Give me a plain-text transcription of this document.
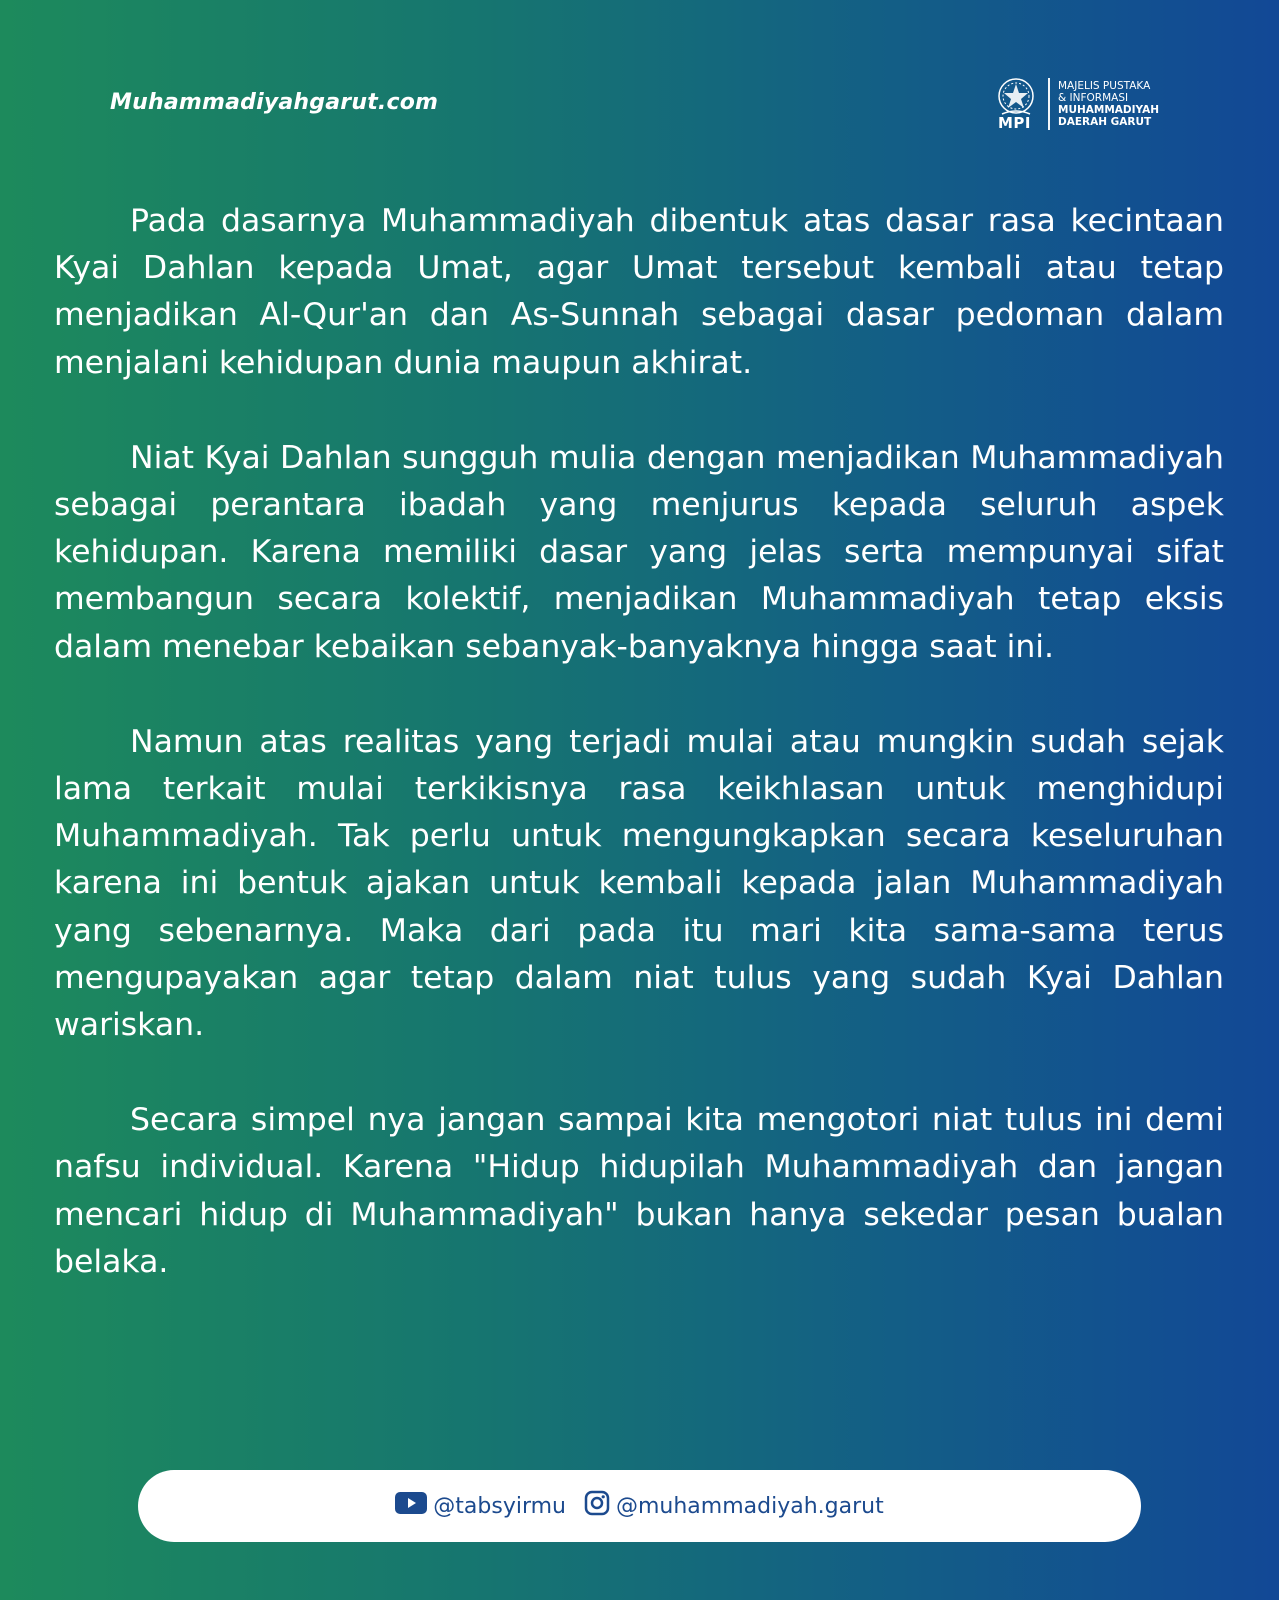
Muhammadiyahgarut.com
MPI
MAJELIS PUSTAKA
& INFORMASI
MUHAMMADIYAH
DAERAH GARUT

Pada dasarnya Muhammadiyah dibentuk atas dasar rasa kecintaan Kyai Dahlan kepada Umat, agar Umat tersebut kembali atau tetap menjadikan Al-Qur'an dan As-Sunnah sebagai dasar pedoman dalam menjalani kehidupan dunia maupun akhirat.

Niat Kyai Dahlan sungguh mulia dengan menjadikan Muhammadiyah sebagai perantara ibadah yang menjurus kepada seluruh aspek kehidupan. Karena memiliki dasar yang jelas serta mempunyai sifat membangun secara kolektif, menjadikan Muhammadiyah tetap eksis dalam menebar kebaikan sebanyak-banyaknya hingga saat ini.

Namun atas realitas yang terjadi mulai atau mungkin sudah sejak lama terkait mulai terkikisnya rasa keikhlasan untuk menghidupi Muhammadiyah. Tak perlu untuk mengungkapkan secara keseluruhan karena ini bentuk ajakan untuk kembali kepada jalan Muhammadiyah yang sebenarnya. Maka dari pada itu mari kita sama-sama terus mengupayakan agar tetap dalam niat tulus yang sudah Kyai Dahlan wariskan.

Secara simpel nya jangan sampai kita mengotori niat tulus ini demi nafsu individual. Karena "Hidup hidupilah Muhammadiyah dan jangan mencari hidup di Muhammadiyah" bukan hanya sekedar pesan bualan belaka.

@tabsyirmu @muhammadiyah.garut
